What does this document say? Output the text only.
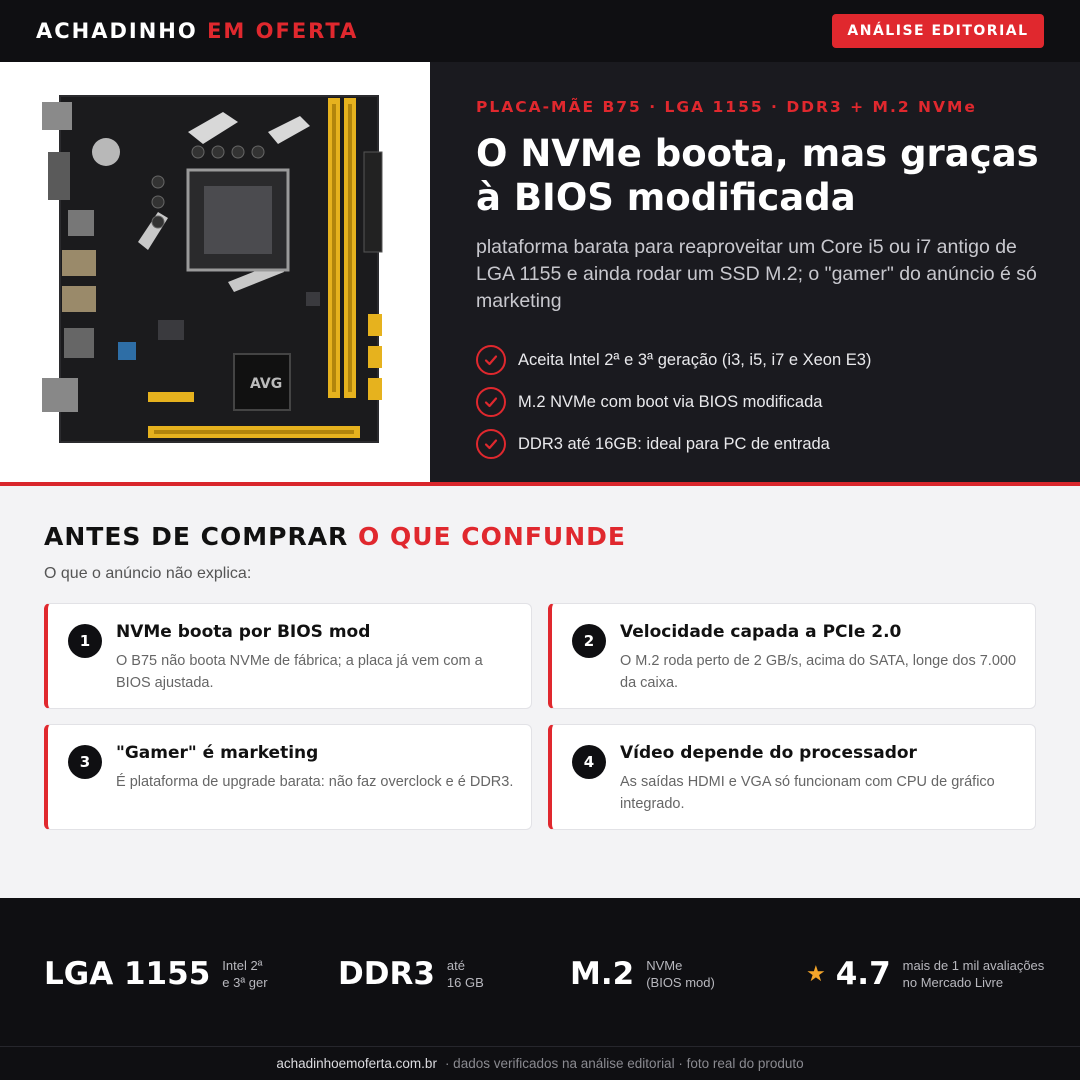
ACHADINHO EM OFERTA	ANÁLISE EDITORIAL
AVG
PLACA-MÃE B75 · LGA 1155 · DDR3 + M.2 NVMe
O NVMe boota, mas graças à BIOS modificada
plataforma barata para reaproveitar um Core i5 ou i7 antigo de LGA 1155 e ainda rodar um SSD M.2; o "gamer" do anúncio é só marketing
Aceita Intel 2ª e 3ª geração (i3, i5, i7 e Xeon E3)
M.2 NVMe com boot via BIOS modificada
DDR3 até 16GB: ideal para PC de entrada
ANTES DE COMPRAR O QUE CONFUNDE
O que o anúncio não explica:
1	NVMe boota por BIOS mod
O B75 não boota NVMe de fábrica; a placa já vem com a BIOS ajustada.
2	Velocidade capada a PCIe 2.0
O M.2 roda perto de 2 GB/s, acima do SATA, longe dos 7.000 da caixa.
3	"Gamer" é marketing
É plataforma de upgrade barata: não faz overclock e é DDR3.
4	Vídeo depende do processador
As saídas HDMI e VGA só funcionam com CPU de gráfico integrado.
LGA 1155 Intel 2ª
e 3ª ger DDR3 até
16 GB	M.2 NVMe
(BIOS mod)	★ 4.7 mais de 1 mil avaliações
no Mercado Livre
achadinhoemoferta.com.br · dados verificados na análise editorial · foto real do produto
